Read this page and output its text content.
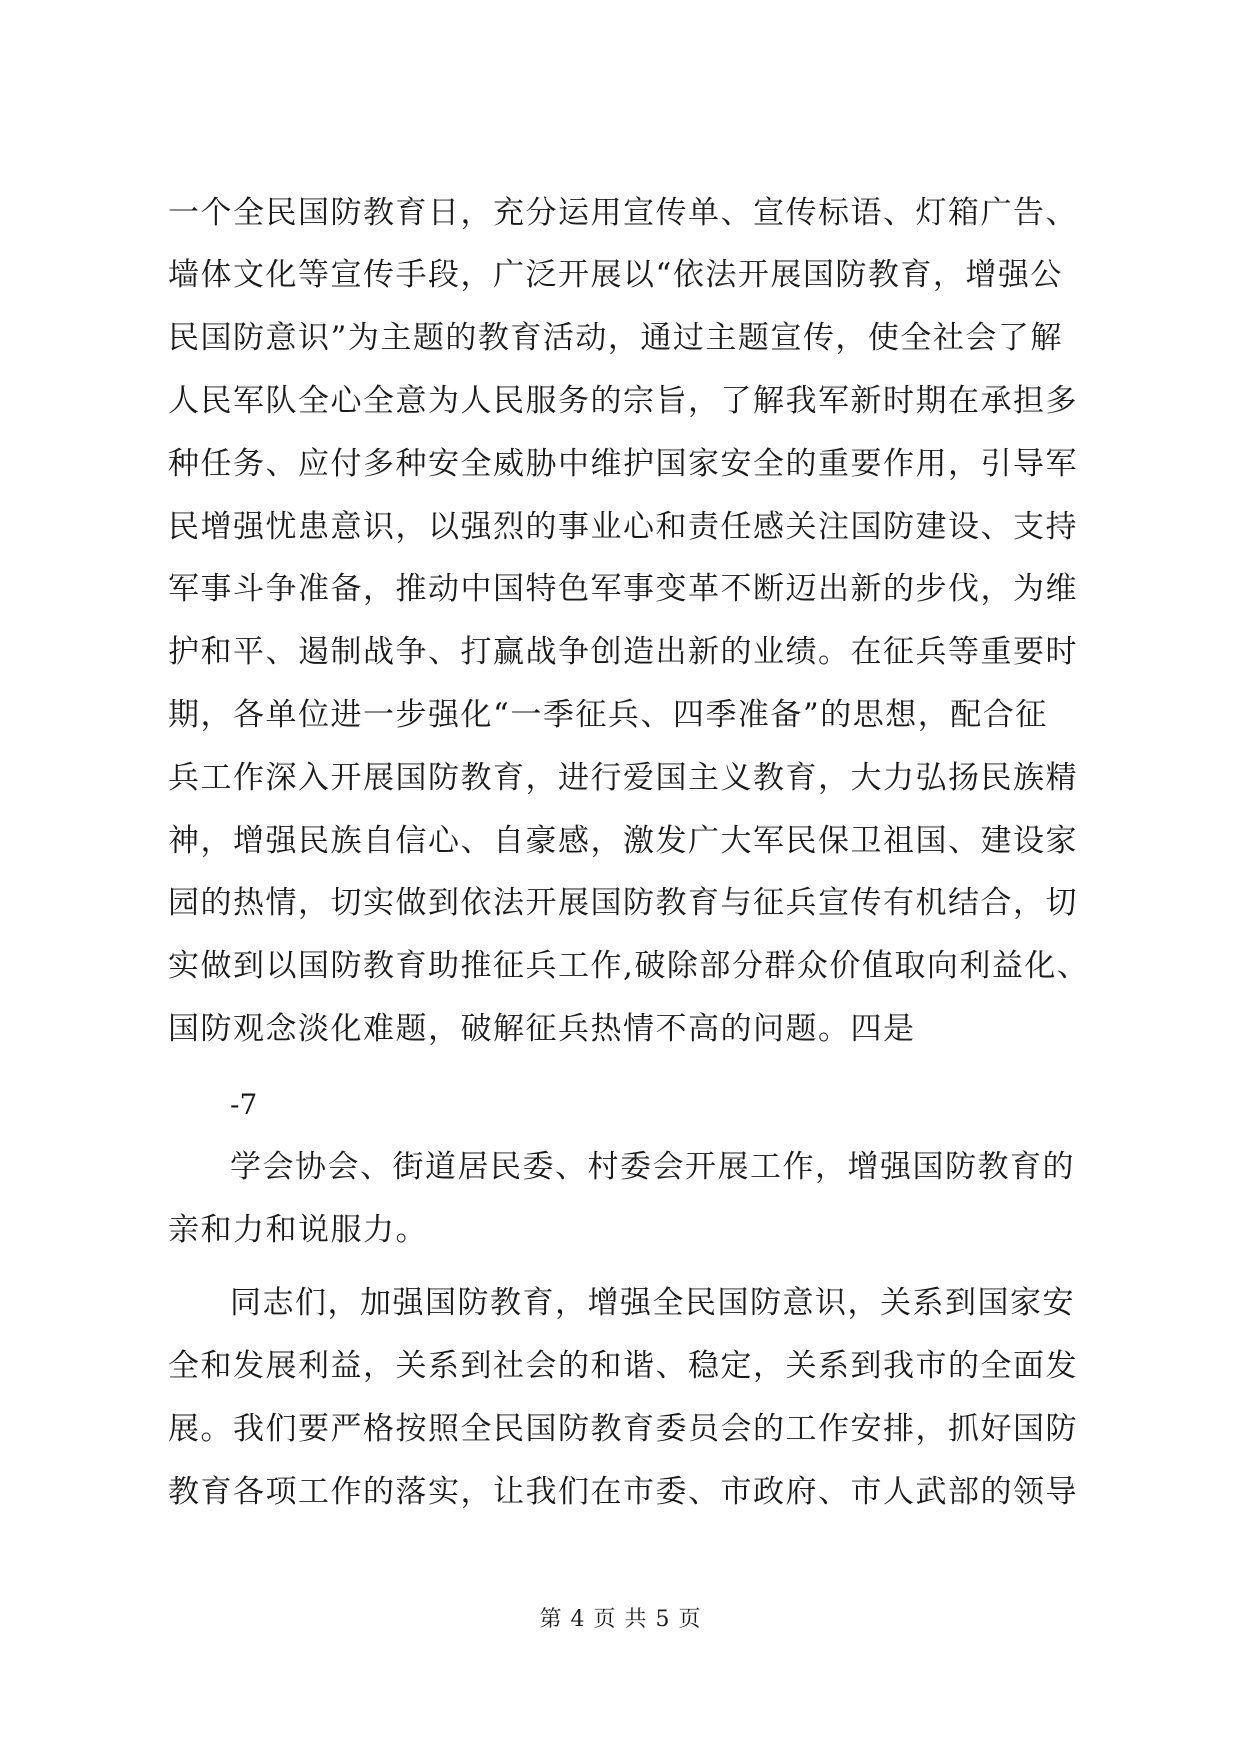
一个全民国防教育日，充分运用宣传单、宣传标语、灯箱广告、
墙体文化等宣传手段，广泛开展以“依法开展国防教育，增强公
民国防意识”为主题的教育活动，通过主题宣传，使全社会了解
人民军队全心全意为人民服务的宗旨，了解我军新时期在承担多
种任务、应付多种安全威胁中维护国家安全的重要作用，引导军
民增强忧患意识，以强烈的事业心和责任感关注国防建设、支持
军事斗争准备，推动中国特色军事变革不断迈出新的步伐，为维
护和平、遏制战争、打赢战争创造出新的业绩。在征兵等重要时
期，各单位进一步强化“一季征兵、四季准备”的思想，配合征
兵工作深入开展国防教育，进行爱国主义教育，大力弘扬民族精
神，增强民族自信心、自豪感，激发广大军民保卫祖国、建设家
园的热情，切实做到依法开展国防教育与征兵宣传有机结合，切
实做到以国防教育助推征兵工作,破除部分群众价值取向利益化、
国防观念淡化难题，破解征兵热情不高的问题。四是
-7
学会协会、街道居民委、村委会开展工作，增强国防教育的
亲和力和说服力。
同志们，加强国防教育，增强全民国防意识，关系到国家安
全和发展利益，关系到社会的和谐、稳定，关系到我市的全面发
展。我们要严格按照全民国防教育委员会的工作安排，抓好国防
教育各项工作的落实，让我们在市委、市政府、市人武部的领导
第 4 页 共 5 页
